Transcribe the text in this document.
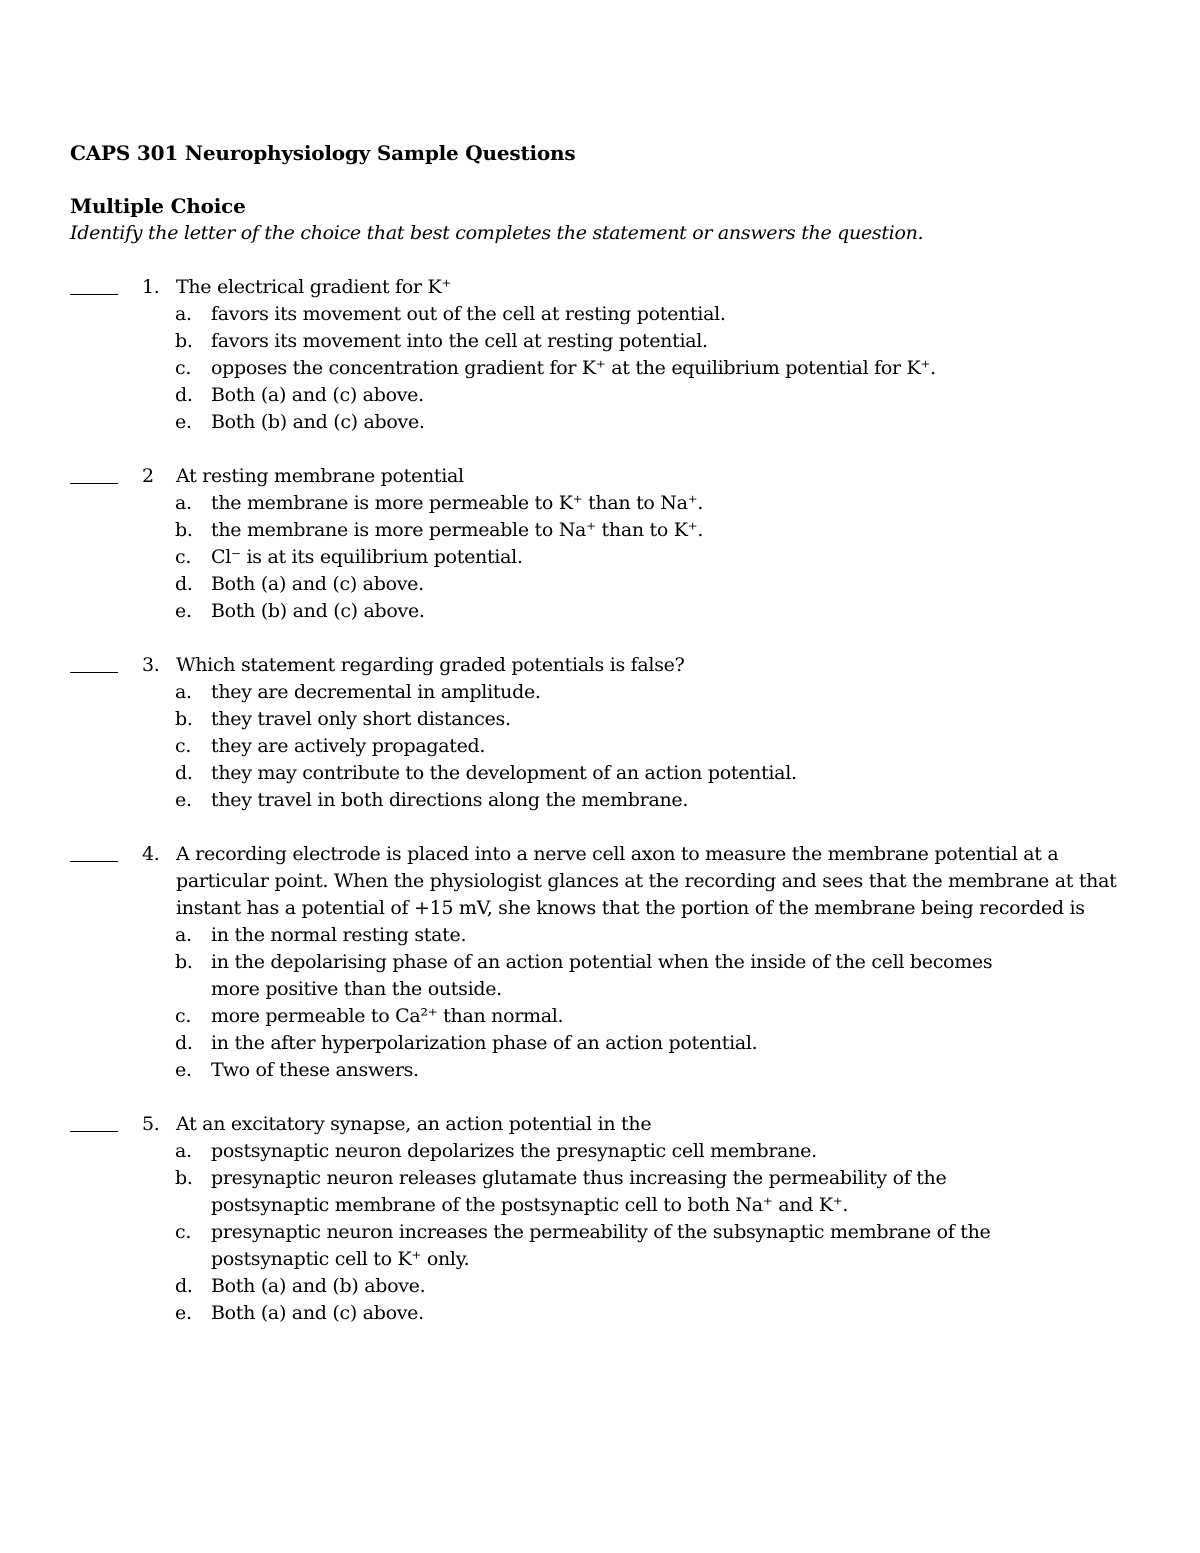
CAPS 301 Neurophysiology Sample Questions
Multiple Choice
Identify the letter of the choice that best completes the statement or answers the question.
1. The electrical gradient for K⁺
a. favors its movement out of the cell at resting potential.
b. favors its movement into the cell at resting potential.
c. opposes the concentration gradient for K⁺ at the equilibrium potential for K⁺.
d. Both (a) and (c) above.
e. Both (b) and (c) above.
2	At resting membrane potential
a. the membrane is more permeable to K⁺ than to Na⁺.
b. the membrane is more permeable to Na⁺ than to K⁺.
c. Cl⁻ is at its equilibrium potential.
d. Both (a) and (c) above.
e. Both (b) and (c) above.
3. Which statement regarding graded potentials is false?
a. they are decremental in amplitude.
b. they travel only short distances.
c. they are actively propagated.
d. they may contribute to the development of an action potential.
e. they travel in both directions along the membrane.
4. A recording electrode is placed into a nerve cell axon to measure the membrane potential at a particular point. When the physiologist glances at the recording and sees that the membrane at that instant has a potential of +15 mV, she knows that the portion of the membrane being recorded is
a. in the normal resting state.
b. in the depolarising phase of an action potential when the inside of the cell becomes more positive than the outside.
c. more permeable to Ca²⁺ than normal.
d. in the after hyperpolarization phase of an action potential.
e. Two of these answers.
5. At an excitatory synapse, an action potential in the
a. postsynaptic neuron depolarizes the presynaptic cell membrane.
b. presynaptic neuron releases glutamate thus increasing the permeability of the postsynaptic membrane of the postsynaptic cell to both Na⁺ and K⁺.
c. presynaptic neuron increases the permeability of the subsynaptic membrane of the postsynaptic cell to K⁺ only.
d. Both (a) and (b) above.
e. Both (a) and (c) above.
